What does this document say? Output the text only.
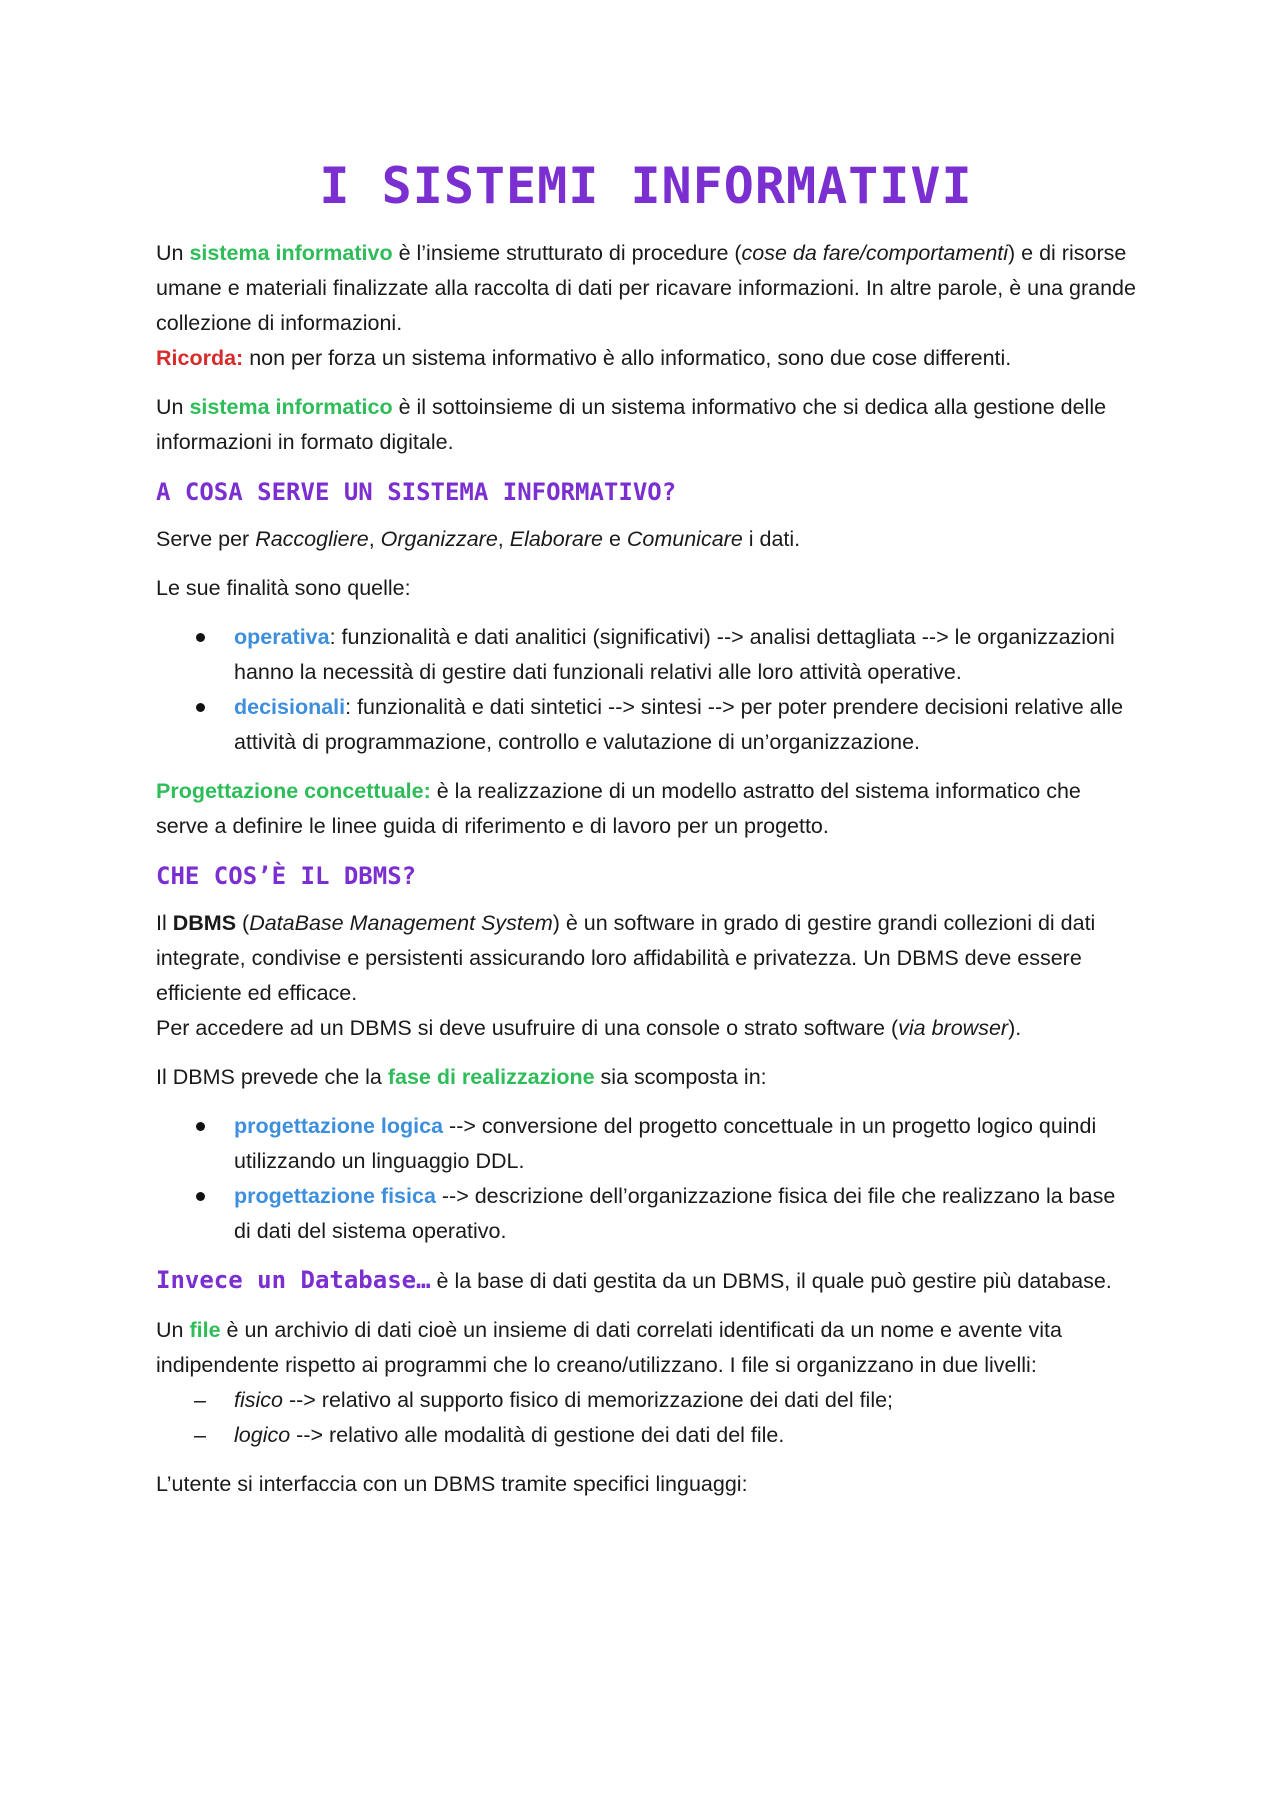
I SISTEMI INFORMATIVI

Un sistema informativo è l’insieme strutturato di procedure (cose da fare/comportamenti) e di risorse umane e materiali finalizzate alla raccolta di dati per ricavare informazioni. In altre parole, è una grande collezione di informazioni.

Ricorda: non per forza un sistema informativo è allo informatico, sono due cose differenti.

Un sistema informatico è il sottoinsieme di un sistema informativo che si dedica alla gestione delle informazioni in formato digitale.

A COSA SERVE UN SISTEMA INFORMATIVO?

Serve per Raccogliere, Organizzare, Elaborare e Comunicare i dati.

Le sue finalità sono quelle:

operativa: funzionalità e dati analitici (significativi) --> analisi dettagliata --> le organizzazioni hanno la necessità di gestire dati funzionali relativi alle loro attività operative.
decisionali: funzionalità e dati sintetici --> sintesi --> per poter prendere decisioni relative alle attività di programmazione, controllo e valutazione di un’organizzazione.

Progettazione concettuale: è la realizzazione di un modello astratto del sistema informatico che serve a definire le linee guida di riferimento e di lavoro per un progetto.

CHE COS’È IL DBMS?

Il DBMS (DataBase Management System) è un software in grado di gestire grandi collezioni di dati integrate, condivise e persistenti assicurando loro affidabilità e privatezza. Un DBMS deve essere efficiente ed efficace.

Per accedere ad un DBMS si deve usufruire di una console o strato software (via browser).

Il DBMS prevede che la fase di realizzazione sia scomposta in:

progettazione logica --> conversione del progetto concettuale in un progetto logico quindi utilizzando un linguaggio DDL.
progettazione fisica --> descrizione dell’organizzazione fisica dei file che realizzano la base di dati del sistema operativo.

Invece un Database… è la base di dati gestita da un DBMS, il quale può gestire più database.

Un file è un archivio di dati cioè un insieme di dati correlati identificati da un nome e avente vita indipendente rispetto ai programmi che lo creano/utilizzano. I file si organizzano in due livelli:

– fisico --> relativo al supporto fisico di memorizzazione dei dati del file;
– logico --> relativo alle modalità di gestione dei dati del file.

L’utente si interfaccia con un DBMS tramite specifici linguaggi:
